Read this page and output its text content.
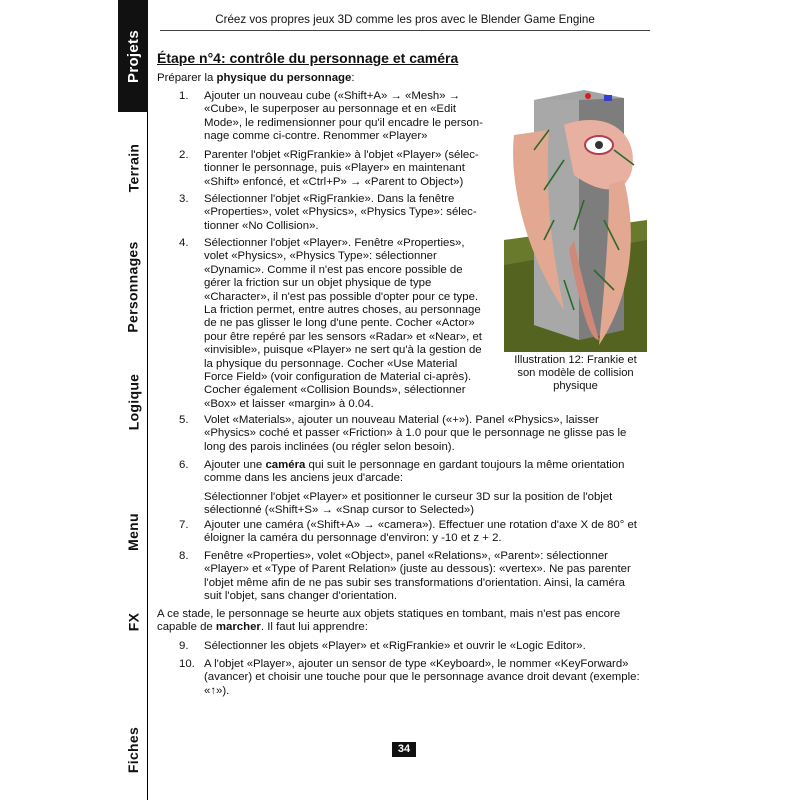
Projets
Terrain
Personnages
Logique
Menu
FX
Fiches
Créez vos propres jeux 3D comme les pros avec le Blender Game Engine
Étape n°4: contrôle du personnage et caméra
Préparer la physique du personnage:
1.	Ajouter un nouveau cube («Shift+A» → «Mesh» →
«Cube», le superposer au personnage et en «Edit
Mode», le redimensionner pour qu'il encadre le person-
nage comme ci-contre. Renommer «Player»
2.	Parenter l'objet «RigFrankie» à l'objet «Player» (sélec-
tionner le personnage, puis «Player» en maintenant
«Shift» enfoncé, et «Ctrl+P» → «Parent to Object»)
3.	Sélectionner l'objet «RigFrankie». Dans la fenêtre
«Properties», volet «Physics», «Physics Type»: sélec-
tionner «No Collision».
4.	Sélectionner l'objet «Player». Fenêtre «Properties»,
volet «Physics», «Physics Type»: sélectionner
«Dynamic». Comme il n'est pas encore possible de
gérer la friction sur un objet physique de type
«Character», il n'est pas possible d'opter pour ce type.
La friction permet, entre autres choses, au personnage
de ne pas glisser le long d'une pente. Cocher «Actor»
pour être repéré par les sensors «Radar» et «Near», et
«invisible», puisque «Player» ne sert qu'à la gestion de
la physique du personnage. Cocher «Use Material
Force Field» (voir configuration de Material ci-après).
Cocher également «Collision Bounds», sélectionner
«Box» et laisser «margin» à 0.04.
5.	Volet «Materials», ajouter un nouveau Material («+»). Panel «Physics», laisser
«Physics» coché et passer «Friction» à 1.0 pour que le personnage ne glisse pas le
long des parois inclinées (ou régler selon besoin).
6.	Ajouter une caméra qui suit le personnage en gardant toujours la même orientation
comme dans les anciens jeux d'arcade:
Sélectionner l'objet «Player» et positionner le curseur 3D sur la position de l'objet
sélectionné («Shift+S» → «Snap cursor to Selected»)
7.	Ajouter une caméra («Shift+A» → «camera»). Effectuer une rotation d'axe X de 80° et
éloigner la caméra du personnage d'environ: y -10 et z + 2.
8.	Fenêtre «Properties», volet «Object», panel «Relations», «Parent»: sélectionner
«Player» et «Type of Parent Relation» (juste au dessous): «vertex». Ne pas parenter
l'objet même afin de ne pas subir ses transformations d'orientation. Ainsi, la caméra
suit l'objet, sans changer d'orientation.
A ce stade, le personnage se heurte aux objets statiques en tombant, mais n'est pas encore
capable de marcher. Il faut lui apprendre:
9.	Sélectionner les objets «Player» et «RigFrankie» et ouvrir le «Logic Editor».
10. A l'objet «Player», ajouter un sensor de type «Keyboard», le nommer «KeyForward»
(avancer) et choisir une touche pour que le personnage avance droit devant (exemple:
«↑»).
Illustration 12: Frankie et
son modèle de collision
physique
34
